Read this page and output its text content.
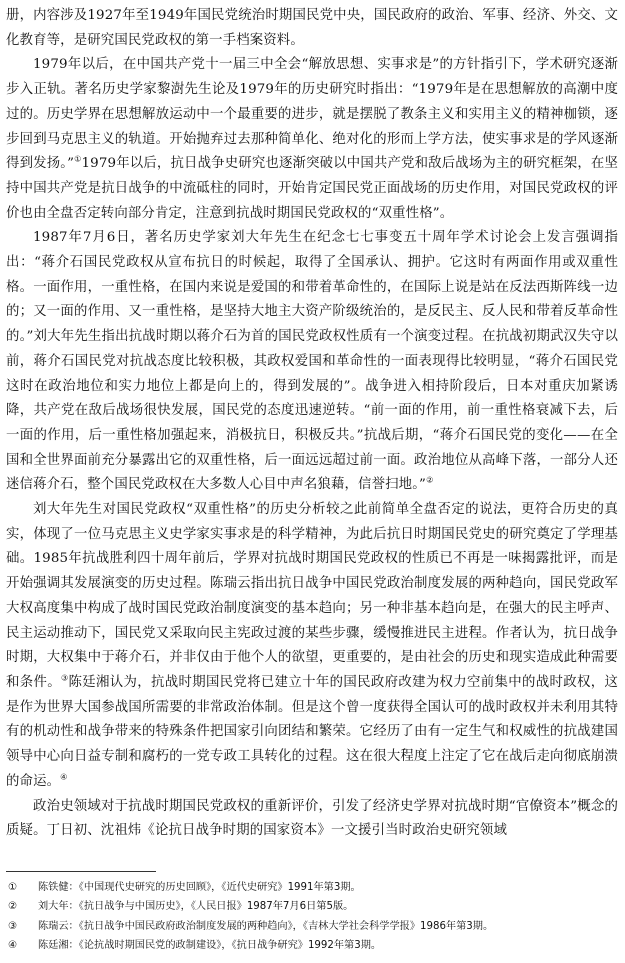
册，内容涉及1927年至1949年国民党统治时期国民党中央，国民政府的政治、军事、经济、外交、文化教育等，是研究国民党政权的第一手档案资料。

1979年以后，在中国共产党十一届三中全会“解放思想、实事求是”的方针指引下，学术研究逐渐步入正轨。著名历史学家黎澍先生论及1979年的历史研究时指出：“1979年是在思想解放的高潮中度过的。历史学界在思想解放运动中一个最重要的进步，就是摆脱了教条主义和实用主义的精神枷锁，逐步回到马克思主义的轨道。开始抛弃过去那种简单化、绝对化的形而上学方法，使实事求是的学风逐渐得到发扬。”①1979年以后，抗日战争史研究也逐渐突破以中国共产党和敌后战场为主的研究框架，在坚持中国共产党是抗日战争的中流砥柱的同时，开始肯定国民党正面战场的历史作用，对国民党政权的评价也由全盘否定转向部分肯定，注意到抗战时期国民党政权的“双重性格”。

1987年7月6日，著名历史学家刘大年先生在纪念七七事变五十周年学术讨论会上发言强调指出：“蒋介石国民党政权从宣布抗日的时候起，取得了全国承认、拥护。它这时有两面作用或双重性格。一面作用，一重性格，在国内来说是爱国的和带着革命性的，在国际上说是站在反法西斯阵线一边的；又一面的作用、又一重性格，是坚持大地主大资产阶级统治的，是反民主、反人民和带着反革命性的。”刘大年先生指出抗战时期以蒋介石为首的国民党政权性质有一个演变过程。在抗战初期武汉失守以前，蒋介石国民党对抗战态度比较积极，其政权爱国和革命性的一面表现得比较明显，“蒋介石国民党这时在政治地位和实力地位上都是向上的，得到发展的”。战争进入相持阶段后，日本对重庆加紧诱降，共产党在敌后战场很快发展，国民党的态度迅速逆转。“前一面的作用，前一重性格衰减下去，后一面的作用，后一重性格加强起来，消极抗日，积极反共。”抗战后期，“蒋介石国民党的变化——在全国和全世界面前充分暴露出它的双重性格，后一面远远超过前一面。政治地位从高峰下落，一部分人还迷信蒋介石，整个国民党政权在大多数人心目中声名狼藉，信誉扫地。”②

刘大年先生对国民党政权“双重性格”的历史分析较之此前简单全盘否定的说法，更符合历史的真实，体现了一位马克思主义史学家实事求是的科学精神，为此后抗日时期国民党史的研究奠定了学理基础。1985年抗战胜利四十周年前后，学界对抗战时期国民党政权的性质已不再是一味揭露批评，而是开始强调其发展演变的历史过程。陈瑞云指出抗日战争中国民党政治制度发展的两种趋向，国民党政军大权高度集中构成了战时国民党政治制度演变的基本趋向；另一种非基本趋向是，在强大的民主呼声、民主运动推动下，国民党又采取向民主宪政过渡的某些步骤，缓慢推进民主进程。作者认为，抗日战争时期，大权集中于蒋介石，并非仅由于他个人的欲望，更重要的，是由社会的历史和现实造成此种需要和条件。③陈廷湘认为，抗战时期国民党将已建立十年的国民政府改建为权力空前集中的战时政权，这是作为世界大国参战国所需要的非常政治体制。但是这个曾一度获得全国认可的战时政权并未利用其特有的机动性和战争带来的特殊条件把国家引向团结和繁荣。它经历了由有一定生气和权威性的抗战建国领导中心向日益专制和腐朽的一党专政工具转化的过程。这在很大程度上注定了它在战后走向彻底崩溃的命运。④

政治史领域对于抗战时期国民党政权的重新评价，引发了经济史学界对抗战时期“官僚资本”概念的质疑。丁日初、沈祖炜《论抗日战争时期的国家资本》一文援引当时政治史研究领域

① 陈铁健：《中国现代史研究的历史回顾》，《近代史研究》1991年第3期。
② 刘大年：《抗日战争与中国历史》，《人民日报》1987年7月6日第5版。
③ 陈瑞云：《抗日战争中国民政府政治制度发展的两种趋向》，《吉林大学社会科学学报》1986年第3期。
④ 陈廷湘：《论抗战时期国民党的政制建设》，《抗日战争研究》1992年第3期。
